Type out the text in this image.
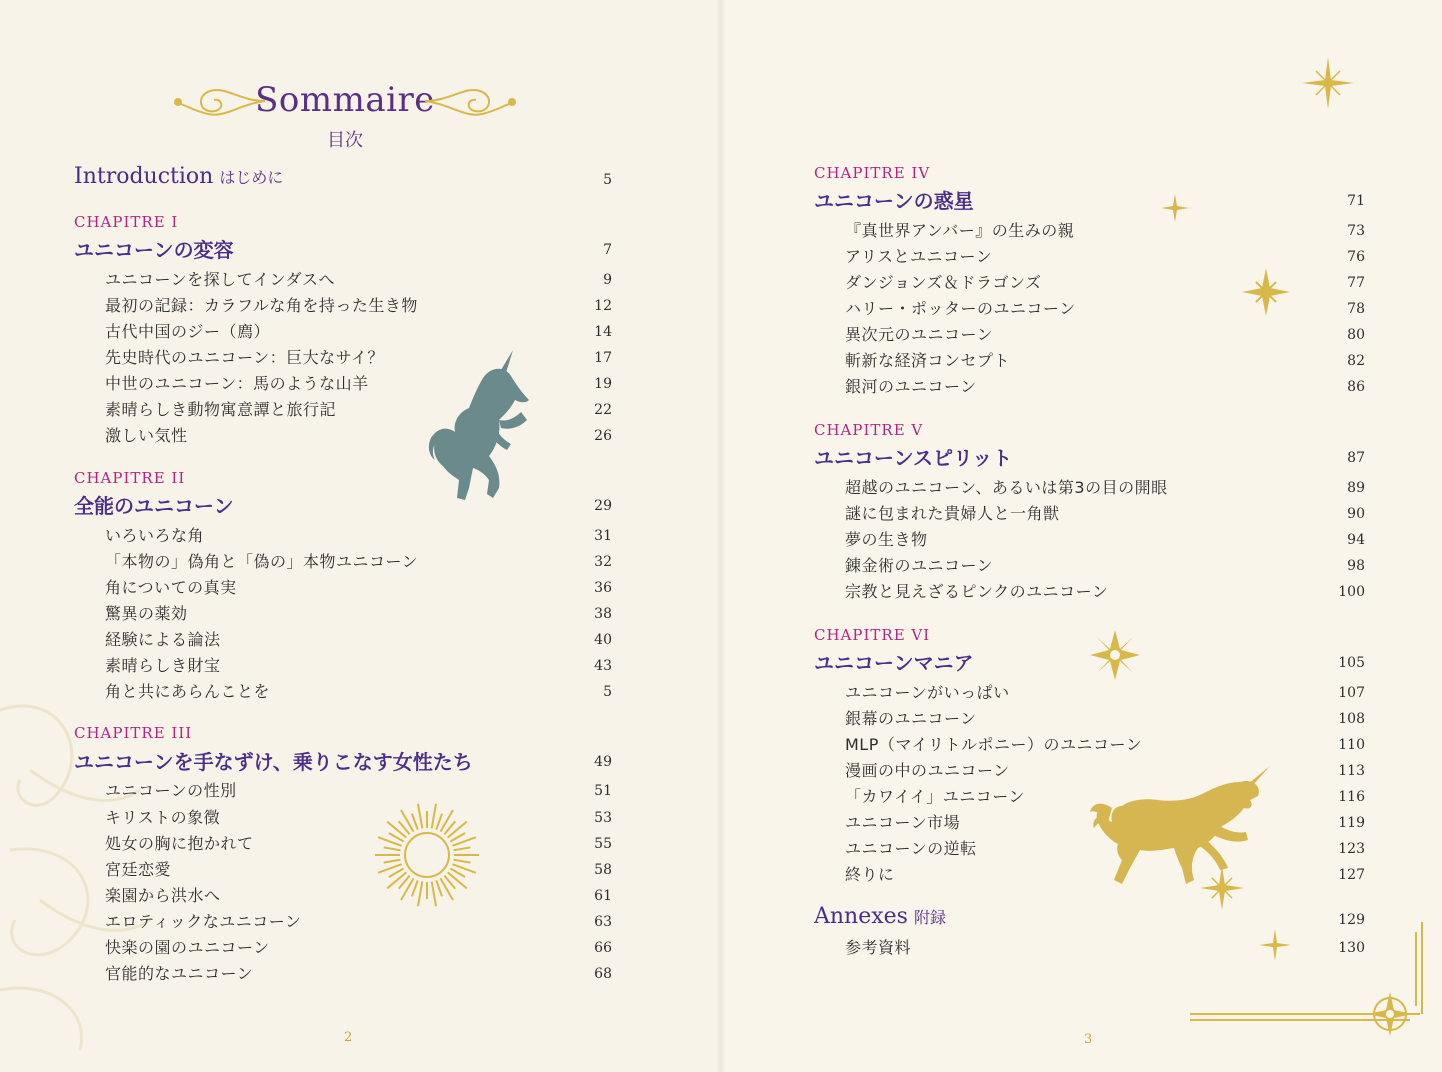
Sommaire
目次
Introduction はじめに	5
CHAPITRE I
ユニコーンの変容	7
ユニコーンを探してインダスへ	9
最初の記録：カラフルな角を持った生き物	12
古代中国のジー（廌）	14
先史時代のユニコーン：巨大なサイ？	17
中世のユニコーン：馬のような山羊	19
素晴らしき動物寓意譚と旅行記	22
激しい気性	26
CHAPITRE II
全能のユニコーン	29
いろいろな角	31
「本物の」偽角と「偽の」本物ユニコーン	32
角についての真実	36
驚異の薬効	38
経験による論法	40
素晴らしき財宝	43
角と共にあらんことを	5
CHAPITRE III
ユニコーンを手なずけ、乗りこなす女性たち	49
ユニコーンの性別	51
キリストの象徴	53
処女の胸に抱かれて	55
宮廷恋愛	58
楽園から洪水へ	61
エロティックなユニコーン	63
快楽の園のユニコーン	66
官能的なユニコーン	68
CHAPITRE IV
ユニコーンの惑星	71
『真世界アンバー』の生みの親	73
アリスとユニコーン	76
ダンジョンズ＆ドラゴンズ	77
ハリー・ポッターのユニコーン	78
異次元のユニコーン	80
斬新な経済コンセプト	82
銀河のユニコーン	86
CHAPITRE V
ユニコーンスピリット	87
超越のユニコーン、あるいは第3の目の開眼	89
謎に包まれた貴婦人と一角獣	90
夢の生き物	94
錬金術のユニコーン	98
宗教と見えざるピンクのユニコーン	100
CHAPITRE VI
ユニコーンマニア	105
ユニコーンがいっぱい	107
銀幕のユニコーン	108
MLP（マイリトルポニー）のユニコーン	110
漫画の中のユニコーン	113
「カワイイ」ユニコーン	116
ユニコーン市場	119
ユニコーンの逆転	123
終りに	127
Annexes 附録	129
参考資料	130
2	3
